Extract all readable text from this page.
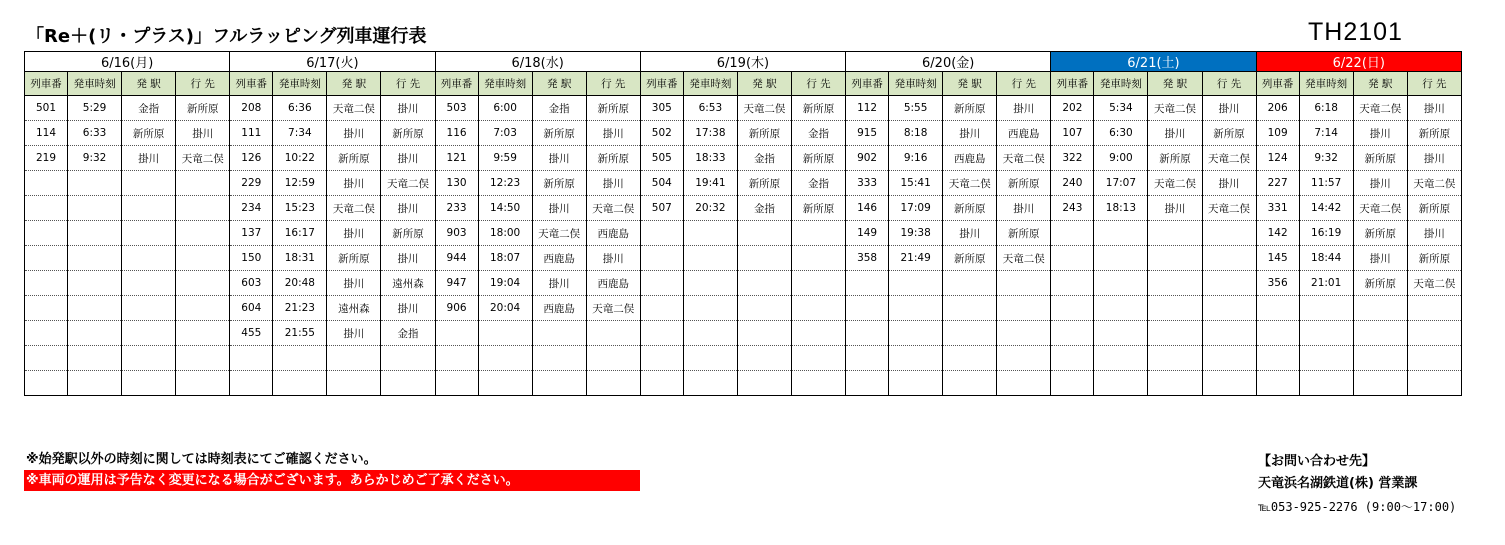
「Re＋(リ・プラス)」フルラッピング列車運行表	TH2101
6/16(月)				6/17(火)				6/18(水)				6/19(木)				6/20(金)				6/21(土)				6/22(日)			
列車番	発車時刻	発 駅	行 先	列車番	発車時刻	発 駅	行 先	列車番	発車時刻	発 駅	行 先	列車番	発車時刻	発 駅	行 先	列車番	発車時刻	発 駅	行 先	列車番	発車時刻	発 駅	行 先	列車番	発車時刻	発 駅	行 先
501	5:29	金指	新所原	208	6:36	天竜二俣	掛川	503	6:00	金指	新所原	305	6:53	天竜二俣	新所原	112	5:55	新所原	掛川	202	5:34	天竜二俣	掛川	206	6:18	天竜二俣	掛川
114	6:33	新所原	掛川	111	7:34	掛川	新所原	116	7:03	新所原	掛川	502	17:38	新所原	金指	915	8:18	掛川	西鹿島	107	6:30	掛川	新所原	109	7:14	掛川	新所原
219	9:32	掛川	天竜二俣	126	10:22	新所原	掛川	121	9:59	掛川	新所原	505	18:33	金指	新所原	902	9:16	西鹿島	天竜二俣	322	9:00	新所原	天竜二俣	124	9:32	新所原	掛川
				229	12:59	掛川	天竜二俣	130	12:23	新所原	掛川	504	19:41	新所原	金指	333	15:41	天竜二俣	新所原	240	17:07	天竜二俣	掛川	227	11:57	掛川	天竜二俣
				234	15:23	天竜二俣	掛川	233	14:50	掛川	天竜二俣	507	20:32	金指	新所原	146	17:09	新所原	掛川	243	18:13	掛川	天竜二俣	331	14:42	天竜二俣	新所原
				137	16:17	掛川	新所原	903	18:00	天竜二俣	西鹿島					149	19:38	掛川	新所原					142	16:19	新所原	掛川
				150	18:31	新所原	掛川	944	18:07	西鹿島	掛川					358	21:49	新所原	天竜二俣					145	18:44	掛川	新所原
				603	20:48	掛川	遠州森	947	19:04	掛川	西鹿島													356	21:01	新所原	天竜二俣
				604	21:23	遠州森	掛川	906	20:04	西鹿島	天竜二俣																
				455	21:55	掛川	金指																				

※始発駅以外の時刻に関しては時刻表にてご確認ください。
※車両の運用は予告なく変更になる場合がございます。あらかじめご了承ください。
【お問い合わせ先】
天竜浜名湖鉄道(株) 営業課
℡053-925-2276 (9:00～17:00)
